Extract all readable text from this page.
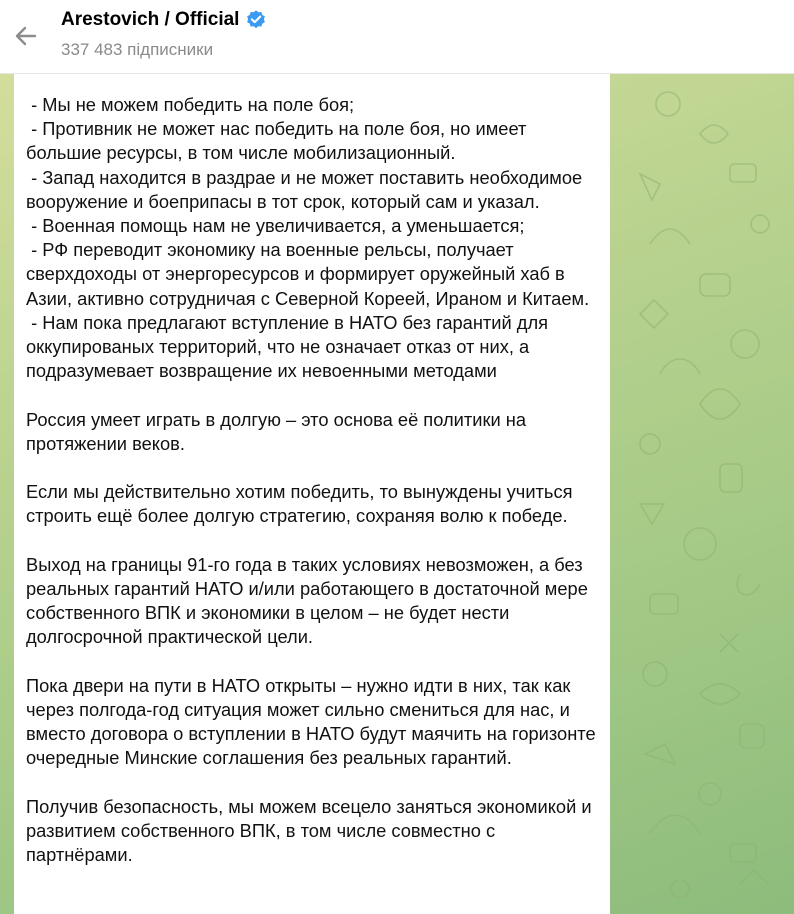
Arestovich / Official
337 483 підписники

- Мы не можем победить на поле боя;
- Противник не может нас победить на поле боя, но имеет большие ресурсы, в том числе мобилизационный.
- Запад находится в раздрае и не может поставить необходимое вооружение и боеприпасы в тот срок, который сам и указал.
- Военная помощь нам не увеличивается, а уменьшается;
- РФ переводит экономику на военные рельсы, получает сверхдоходы от энергоресурсов и формирует оружейный хаб в Азии, активно сотрудничая с Северной Кореей, Ираном и Китаем.
- Нам пока предлагают вступление в НАТО без гарантий для оккупированых территорий, что не означает отказ от них, а подразумевает возвращение их невоенными методами

Россия умеет играть в долгую – это основа её политики на протяжении веков.

Если мы действительно хотим победить, то вынуждены учиться строить ещё более долгую стратегию, сохраняя волю к победе.

Выход на границы 91-го года в таких условиях невозможен, а без реальных гарантий НАТО и/или работающего в достаточной мере собственного ВПК и экономики в целом – не будет нести долгосрочной практической цели.

Пока двери на пути в НАТО открыты – нужно идти в них, так как через полгода-год ситуация может сильно смениться для нас, и вместо договора о вступлении в НАТО будут маячить на горизонте очередные Минские соглашения без реальных гарантий.

Получив безопасность, мы можем всецело заняться экономикой и развитием собственного ВПК, в том числе совместно с партнёрами.
